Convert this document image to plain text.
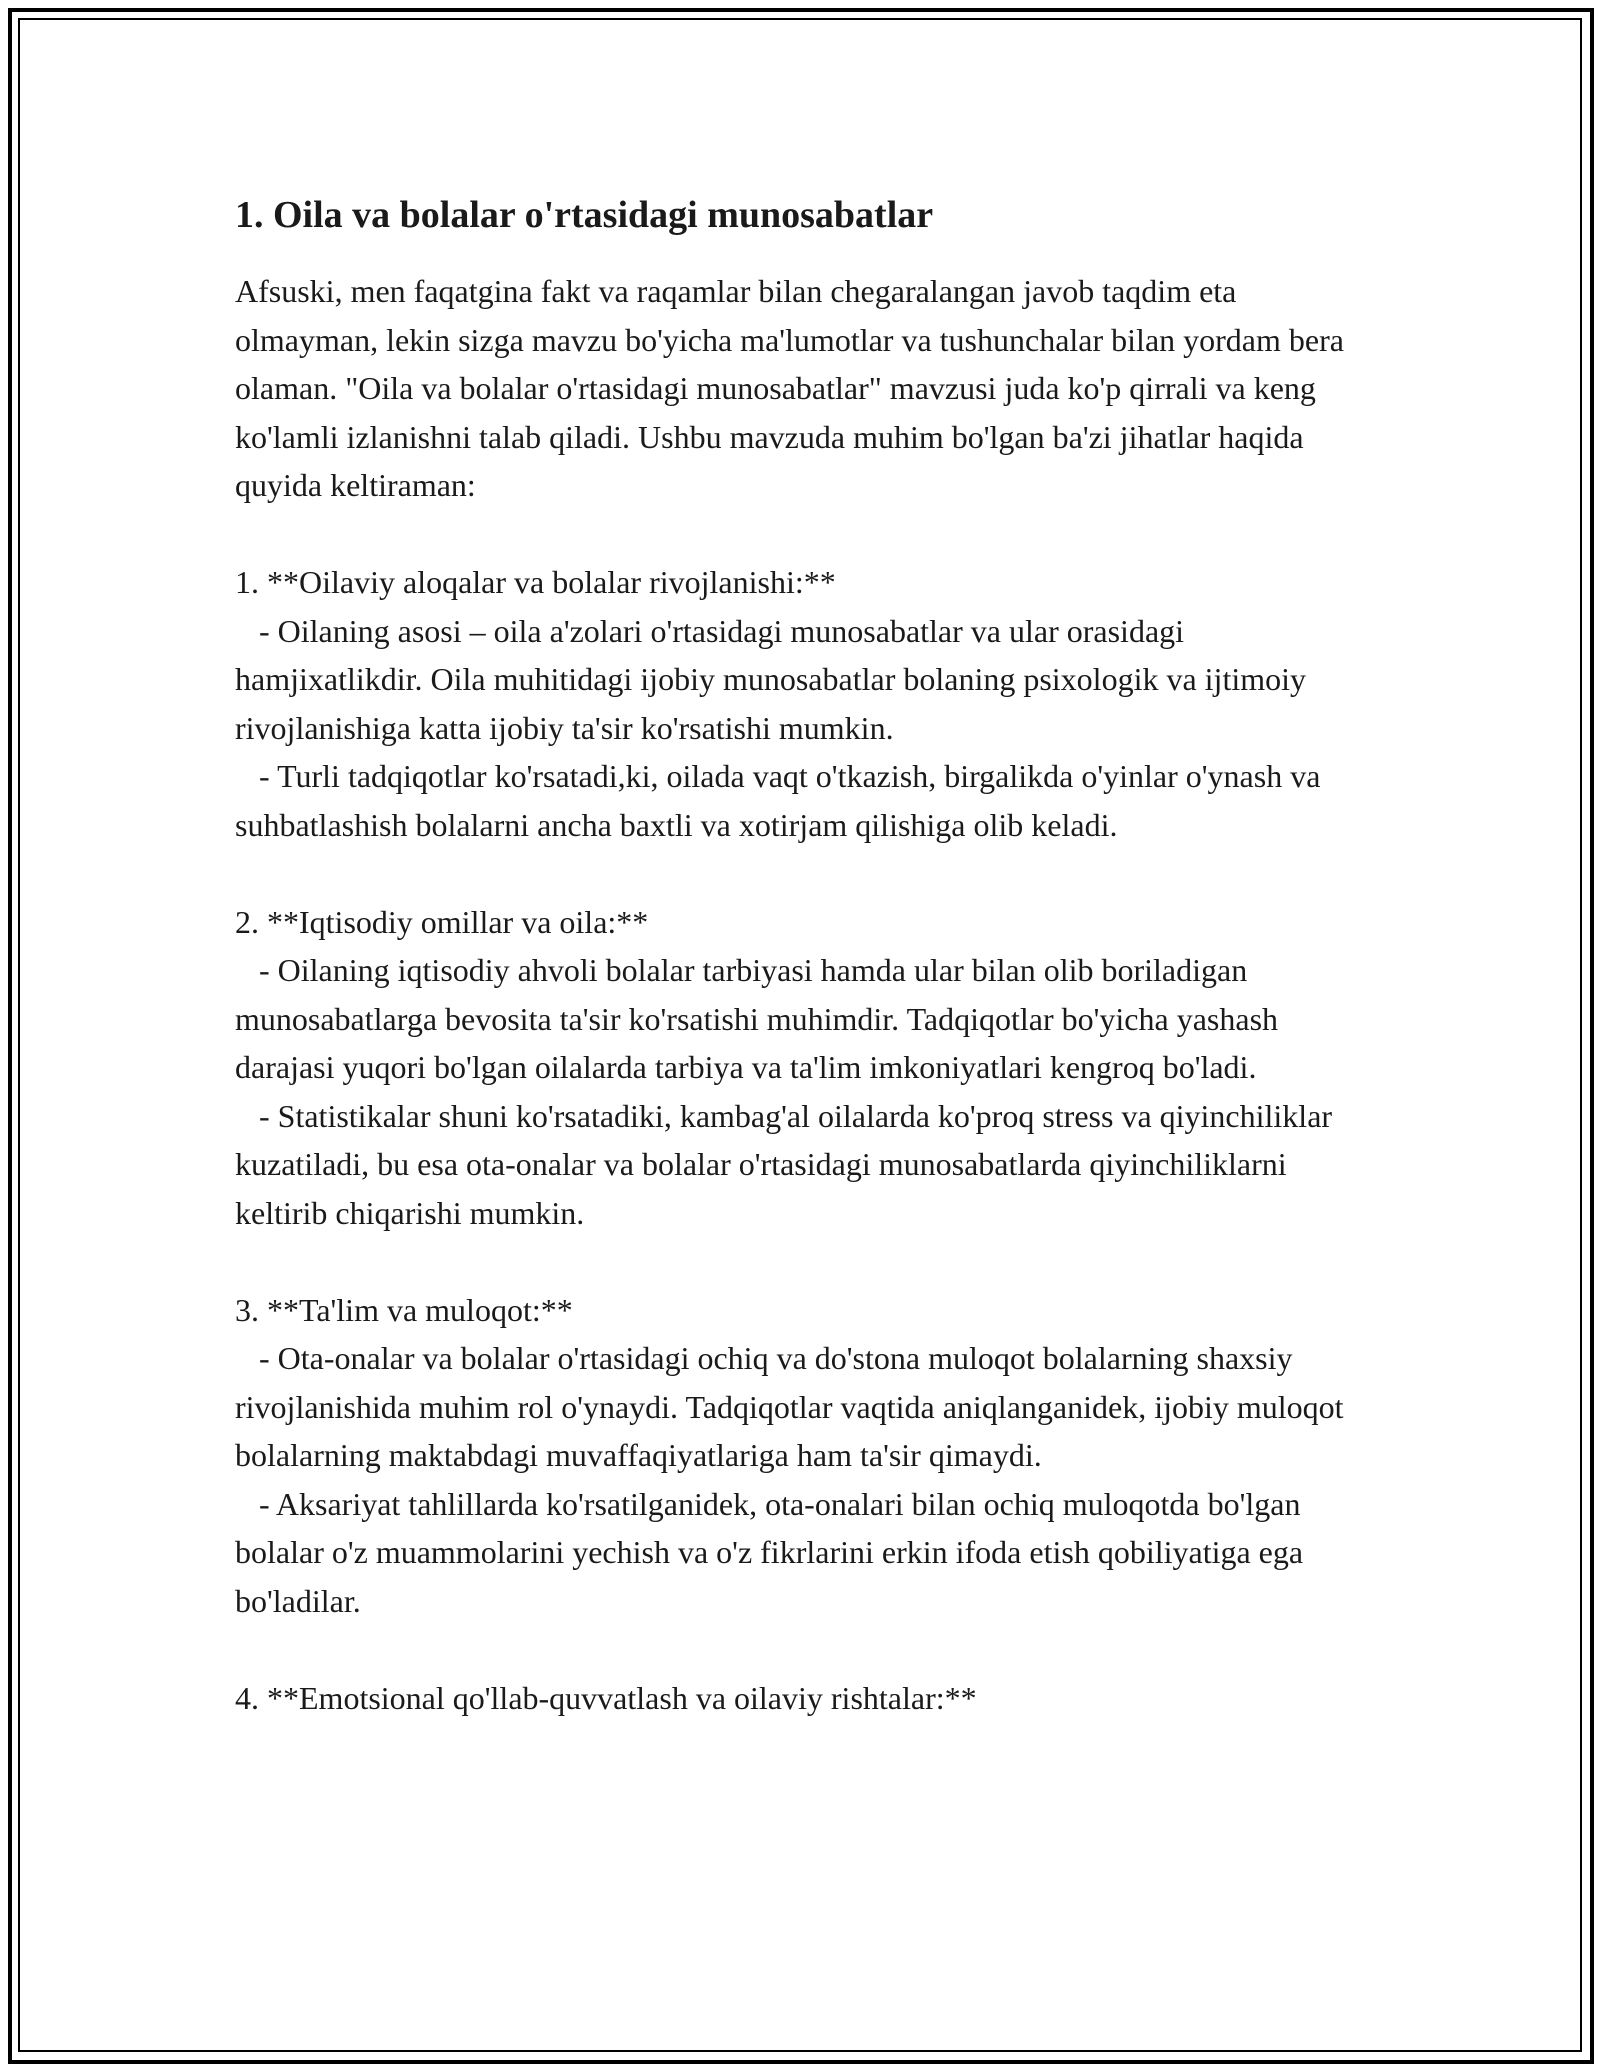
1. Oila va bolalar o'rtasidagi munosabatlar

Afsuski, men faqatgina fakt va raqamlar bilan chegaralangan javob taqdim eta olmayman, lekin sizga mavzu bo'yicha ma'lumotlar va tushunchalar bilan yordam bera olaman. "Oila va bolalar o'rtasidagi munosabatlar" mavzusi juda ko'p qirrali va keng ko'lamli izlanishni talab qiladi. Ushbu mavzuda muhim bo'lgan ba'zi jihatlar haqida quyida keltiraman:

1. **Oilaviy aloqalar va bolalar rivojlanishi:**

- Oilaning asosi – oila a'zolari o'rtasidagi munosabatlar va ular orasidagi hamjixatlikdir. Oila muhitidagi ijobiy munosabatlar bolaning psixologik va ijtimoiy rivojlanishiga katta ijobiy ta'sir ko'rsatishi mumkin.

- Turli tadqiqotlar ko'rsatadi,ki, oilada vaqt o'tkazish, birgalikda o'yinlar o'ynash va suhbatlashish bolalarni ancha baxtli va xotirjam qilishiga olib keladi.

2. **Iqtisodiy omillar va oila:**

- Oilaning iqtisodiy ahvoli bolalar tarbiyasi hamda ular bilan olib boriladigan munosabatlarga bevosita ta'sir ko'rsatishi muhimdir. Tadqiqotlar bo'yicha yashash darajasi yuqori bo'lgan oilalarda tarbiya va ta'lim imkoniyatlari kengroq bo'ladi.

- Statistikalar shuni ko'rsatadiki, kambag'al oilalarda ko'proq stress va qiyinchiliklar kuzatiladi, bu esa ota-onalar va bolalar o'rtasidagi munosabatlarda qiyinchiliklarni keltirib chiqarishi mumkin.

3. **Ta'lim va muloqot:**

- Ota-onalar va bolalar o'rtasidagi ochiq va do'stona muloqot bolalarning shaxsiy rivojlanishida muhim rol o'ynaydi. Tadqiqotlar vaqtida aniqlanganidek, ijobiy muloqot bolalarning maktabdagi muvaffaqiyatlariga ham ta'sir qimaydi.

- Aksariyat tahlillarda ko'rsatilganidek, ota-onalari bilan ochiq muloqotda bo'lgan bolalar o'z muammolarini yechish va o'z fikrlarini erkin ifoda etish qobiliyatiga ega bo'ladilar.

4. **Emotsional qo'llab-quvvatlash va oilaviy rishtalar:**
